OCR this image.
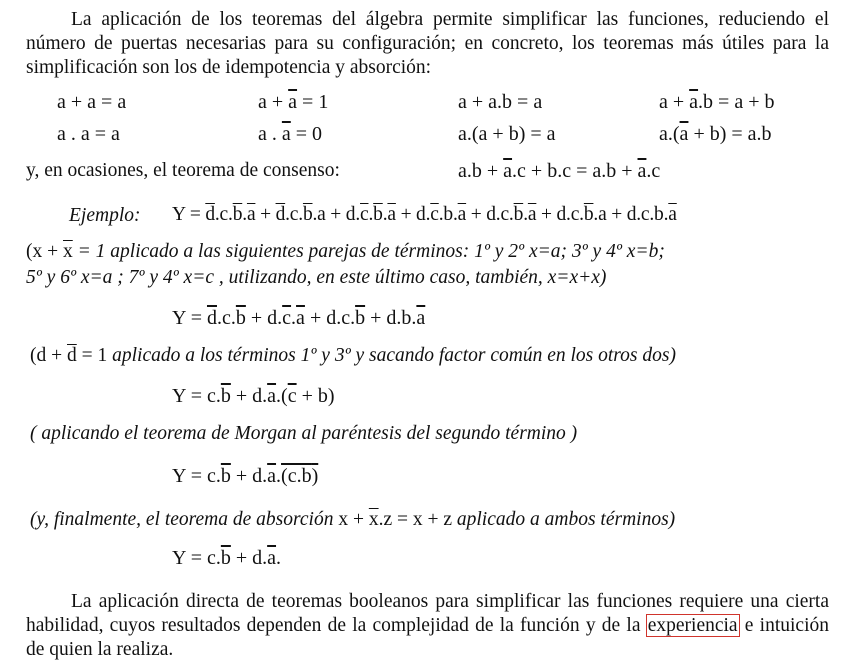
La aplicación de los teoremas del álgebra permite simplificar las funciones, reduciendo el número de puertas necesarias para su configuración; en concreto, los teoremas más útiles para la simplificación son los de idempotencia y absorción:
a + a = a	$a + \overline{a} = 1$	a + a.b = a	$a + \overline{a}.b = a + b$
a . a = a	a . $\overline{a} = 0$	a.(a + b) = a	$a.(\overline{a} + b) = a.b$
y, en ocasiones, el teorema de consenso:	$a.b + \overline{a}.c + b.c = a.b + \overline{a}.c$
Ejemplo: $Y = \overline{d}.c.\overline{b}.\overline{a} + \overline{d}.c.\overline{b}.a + d.\overline{c}.\overline{b}.\overline{a} + d.\overline{c}.b.\overline{a} + d.c.\overline{b}.\overline{a} + d.c.\overline{b}.a + d.c.b.\overline{a}$
($x + \overline{x} = 1$ aplicado a las siguientes parejas de términos: 1º y 2º x=a; 3º y 4º x=b;
5º y 6º x=a ; 7º y 4º x=c , utilizando, en este último caso, también, x=x+x)
$Y = \overline{d}.c.\overline{b} + d.\overline{c}.\overline{a} + d.c.\overline{b} + d.b.\overline{a}$
($d + \overline{d} = 1$ aplicado a los términos 1º y 3º y sacando factor común en los otros dos)
$Y = c.\overline{b} + d.\overline{a}.(\overline{c} + b)$
( aplicando el teorema de Morgan al paréntesis del segundo término )
$Y = c.\overline{b} + d.\overline{a}.(c.b)$
(y, finalmente, el teorema de absorción $x + \overline{x}.z = x + z$ aplicado a ambos términos)
$Y = c.\overline{b} + d.\overline{a}$.
La aplicación directa de teoremas booleanos para simplificar las funciones requiere una cierta habilidad, cuyos resultados dependen de la complejidad de la función y de la experiencia e intuición de quien la realiza.
